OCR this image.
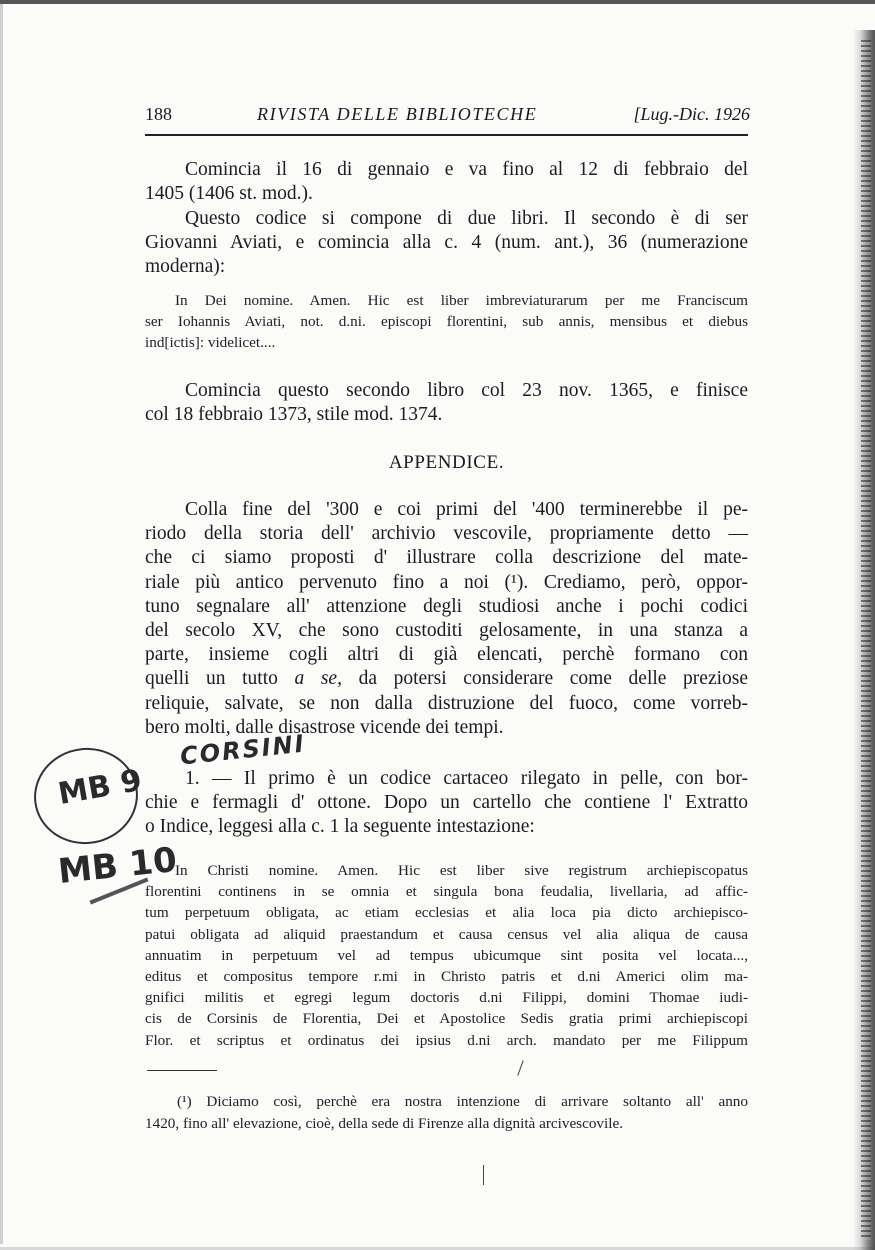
188	RIVISTA DELLE BIBLIOTECHE	[Lug.-Dic. 1926
Comincia il 16 di gennaio e va fino al 12 di febbraio del
1405 (1406 st. mod.).
Questo codice si compone di due libri. Il secondo è di ser
Giovanni Aviati, e comincia alla c. 4 (num. ant.), 36 (numerazione
moderna):
In Dei nomine. Amen. Hic est liber imbreviaturarum per me Franciscum
ser Iohannis Aviati, not. d.ni. episcopi florentini, sub annis, mensibus et diebus
ind[ictis]: videlicet....
Comincia questo secondo libro col 23 nov. 1365, e finisce
col 18 febbraio 1373, stile mod. 1374.
APPENDICE.
Colla fine del '300 e coi primi del '400 terminerebbe il pe-
riodo della storia dell' archivio vescovile, propriamente detto —
che ci siamo proposti d' illustrare colla descrizione del mate-
riale più antico pervenuto fino a noi (¹). Crediamo, però, oppor-
tuno segnalare all' attenzione degli studiosi anche i pochi codici
del secolo XV, che sono custoditi gelosamente, in una stanza a
parte, insieme cogli altri di già elencati, perchè formano con
quelli un tutto a se, da potersi considerare come delle preziose
reliquie, salvate, se non dalla distruzione del fuoco, come vorreb-
bero molti, dalle disastrose vicende dei tempi.
1. — Il primo è un codice cartaceo rilegato in pelle, con bor-
chie e fermagli d' ottone. Dopo un cartello che contiene l' Extratto
o Indice, leggesi alla c. 1 la seguente intestazione:
In Christi nomine. Amen. Hic est liber sive registrum archiepiscopatus
florentini continens in se omnia et singula bona feudalia, livellaria, ad affic-
tum perpetuum obligata, ac etiam ecclesias et alia loca pia dicto archiepisco-
patui obligata ad aliquid praestandum et causa census vel alia aliqua de causa
annuatim in perpetuum vel ad tempus ubicumque sint posita vel locata...,
editus et compositus tempore r.mi in Christo patris et d.ni Americi olim ma-
gnifici militis et egregi legum doctoris d.ni Filippi, domini Thomae iudi-
cis de Corsinis de Florentia, Dei et Apostolice Sedis gratia primi archiepiscopi
Flor. et scriptus et ordinatus dei ipsius d.ni arch. mandato per me Filippum
(¹) Diciamo così, perchè era nostra intenzione di arrivare soltanto all' anno
1420, fino all' elevazione, cioè, della sede di Firenze alla dignità arcivescovile.
CORSINI
MB 9
MB 10
